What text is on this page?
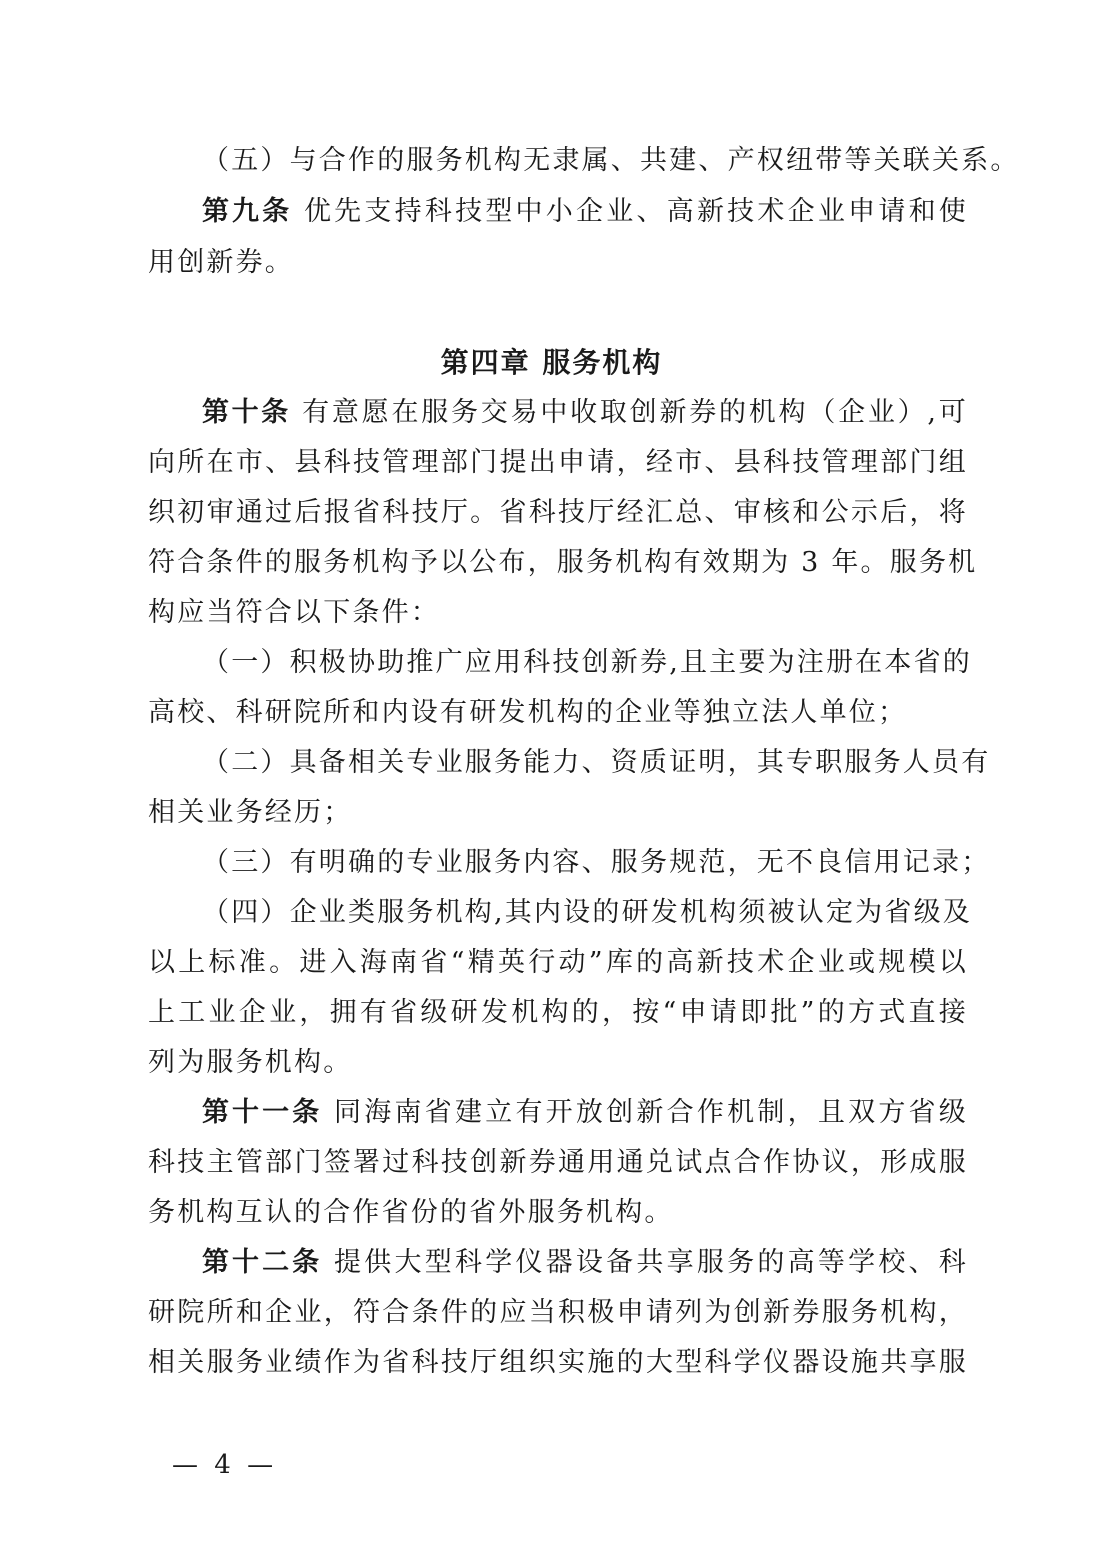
（五）与合作的服务机构无隶属、共建、产权纽带等关联关系。
第九条 优先支持科技型中小企业、高新技术企业申请和使
用创新券。
第四章 服务机构
第十条 有意愿在服务交易中收取创新券的机构（企业）,可
向所在市、县科技管理部门提出申请，经市、县科技管理部门组
织初审通过后报省科技厅。省科技厅经汇总、审核和公示后，将
符合条件的服务机构予以公布，服务机构有效期为 3 年。服务机
构应当符合以下条件：
（一）积极协助推广应用科技创新券,且主要为注册在本省的
高校、科研院所和内设有研发机构的企业等独立法人单位；
（二）具备相关专业服务能力、资质证明，其专职服务人员有
相关业务经历；
（三）有明确的专业服务内容、服务规范，无不良信用记录；
（四）企业类服务机构,其内设的研发机构须被认定为省级及
以上标准。进入海南省“精英行动”库的高新技术企业或规模以
上工业企业，拥有省级研发机构的，按“申请即批”的方式直接
列为服务机构。
第十一条 同海南省建立有开放创新合作机制，且双方省级
科技主管部门签署过科技创新券通用通兑试点合作协议，形成服
务机构互认的合作省份的省外服务机构。
第十二条 提供大型科学仪器设备共享服务的高等学校、科
研院所和企业，符合条件的应当积极申请列为创新券服务机构，
相关服务业绩作为省科技厅组织实施的大型科学仪器设施共享服
— 4 —
